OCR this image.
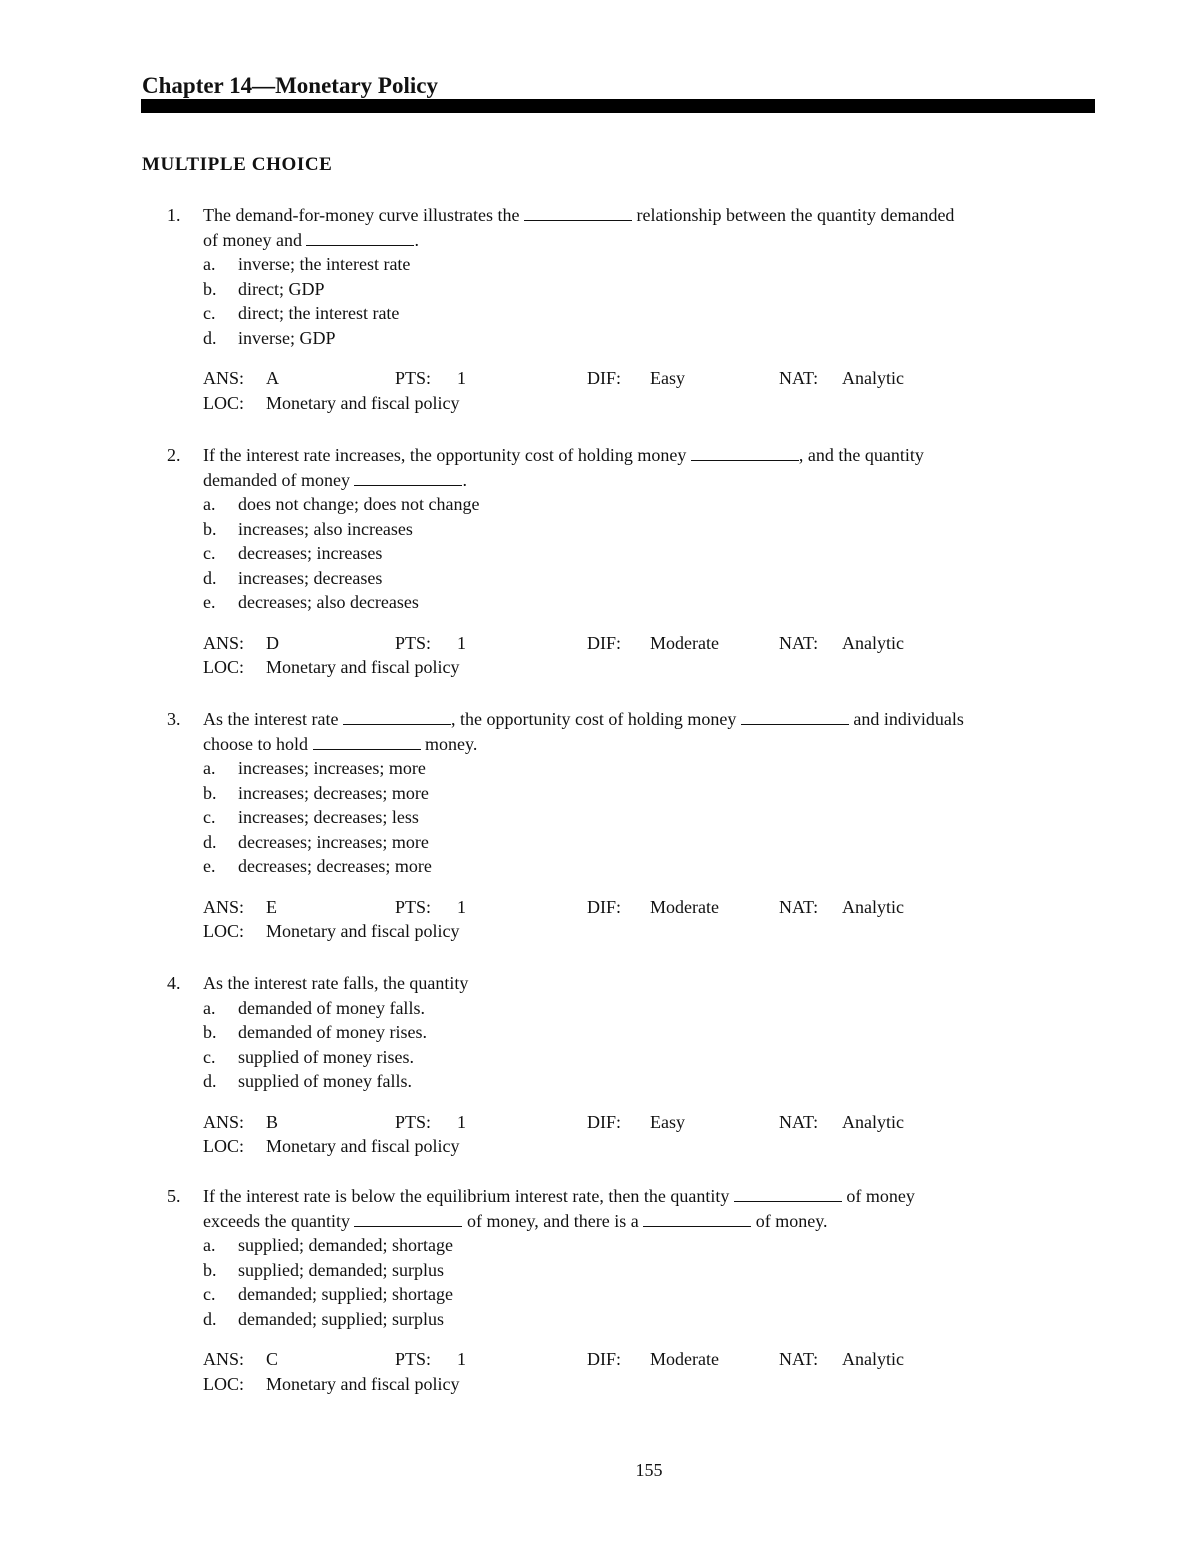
Chapter 14—Monetary Policy
MULTIPLE CHOICE
1. The demand-for-money curve illustrates the	relationship between the quantity demanded
of money and	.
a. inverse; the interest rate
b. direct; GDP
c. direct; the interest rate
d. inverse; GDP
ANS: A	PTS: 1	DIF: Easy	NAT: Analytic
LOC: Monetary and fiscal policy
2. If the interest rate increases, the opportunity cost of holding money	, and the quantity
demanded of money	.
a. does not change; does not change
b. increases; also increases
c. decreases; increases
d. increases; decreases
e. decreases; also decreases
ANS: D	PTS: 1	DIF: Moderate	NAT: Analytic
LOC: Monetary and fiscal policy
3. As the interest rate	, the opportunity cost of holding money	and individuals
choose to hold	money.
a. increases; increases; more
b. increases; decreases; more
c. increases; decreases; less
d. decreases; increases; more
e. decreases; decreases; more
ANS: E	PTS: 1	DIF: Moderate	NAT: Analytic
LOC: Monetary and fiscal policy
4. As the interest rate falls, the quantity
a. demanded of money falls.
b. demanded of money rises.
c. supplied of money rises.
d. supplied of money falls.
ANS: B	PTS: 1	DIF: Easy	NAT: Analytic
LOC: Monetary and fiscal policy
5. If the interest rate is below the equilibrium interest rate, then the quantity	of money
exceeds the quantity	of money, and there is a	of money.
a. supplied; demanded; shortage
b. supplied; demanded; surplus
c. demanded; supplied; shortage
d. demanded; supplied; surplus
ANS: C	PTS: 1	DIF: Moderate	NAT: Analytic
LOC: Monetary and fiscal policy
155
